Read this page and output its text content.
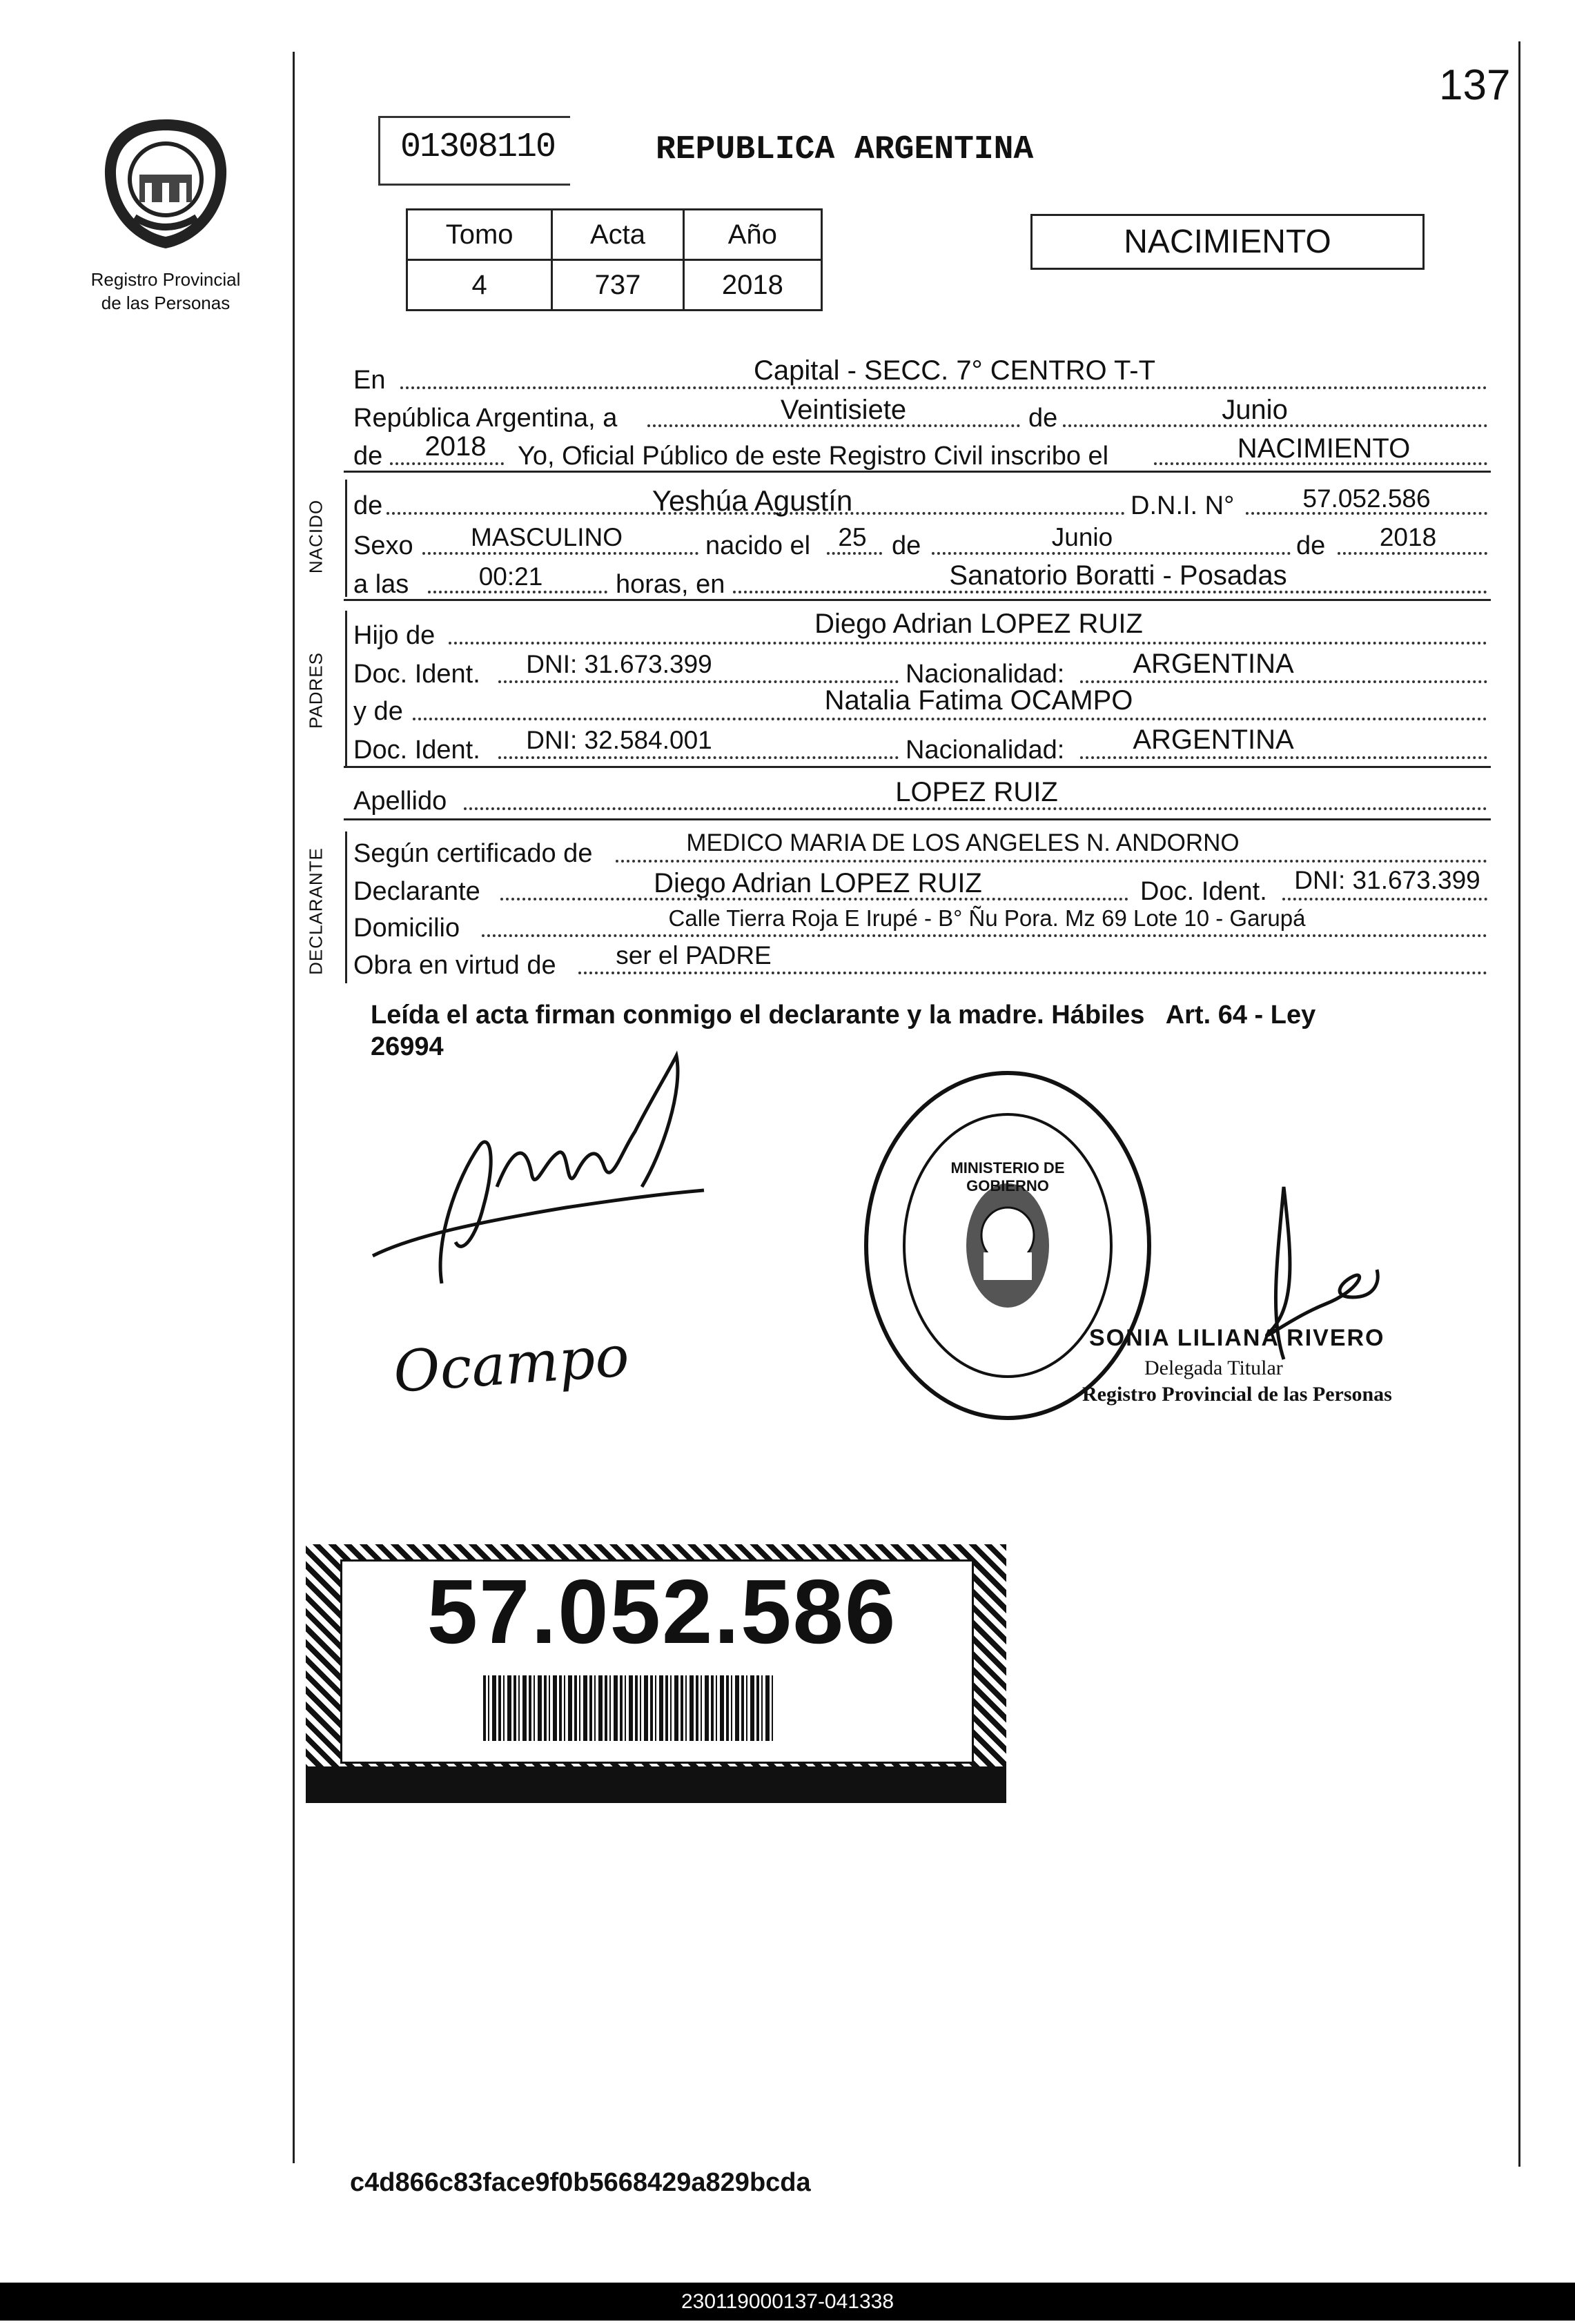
137
Registro Provincial
de las Personas
01308110	REPUBLICA ARGENTINA
Tomo	Acta	Año
4	737	2018
NACIMIENTO
En	Capital - SECC. 7° CENTRO T-T
República Argentina, a	Veintisiete	de	Junio
de 2018 Yo, Oficial Público de este Registro Civil inscribo el	NACIMIENTO
NACIDO de	Yeshúa Agustín	D.N.I. N°	57.052.586
Sexo MASCULINO	nacido el 25 de	Junio	de 2018
a las	00:21	horas, en	Sanatorio Boratti - Posadas
PADRES
Hijo de	Diego Adrian LOPEZ RUIZ
Doc. Ident. DNI: 31.673.399	Nacionalidad: ARGENTINA
y de	Natalia Fatima OCAMPO
Doc. Ident. DNI: 32.584.001	Nacionalidad: ARGENTINA
Apellido	LOPEZ RUIZ
DECLARANTE Según certificado de	MEDICO MARIA DE LOS ANGELES N. ANDORNO
Declarante	Diego Adrian LOPEZ RUIZ	Doc. Ident. DNI: 31.673.399
Domicilio	Calle Tierra Roja E Irupé - B° Ñu Pora. Mz 69 Lote 10 - Garupá
Obra en virtud de ser el PADRE
Leída el acta firman conmigo el declarante y la madre. Hábiles   Art. 64 - Ley
26994
Ocampo
MINISTERIO DE GOBIERNO
SONIA LILIANA RIVERO
Delegada Titular
Registro Provincial de las Personas
57.052.586
c4d866c83face9f0b5668429a829bcda
230119000137-041338
